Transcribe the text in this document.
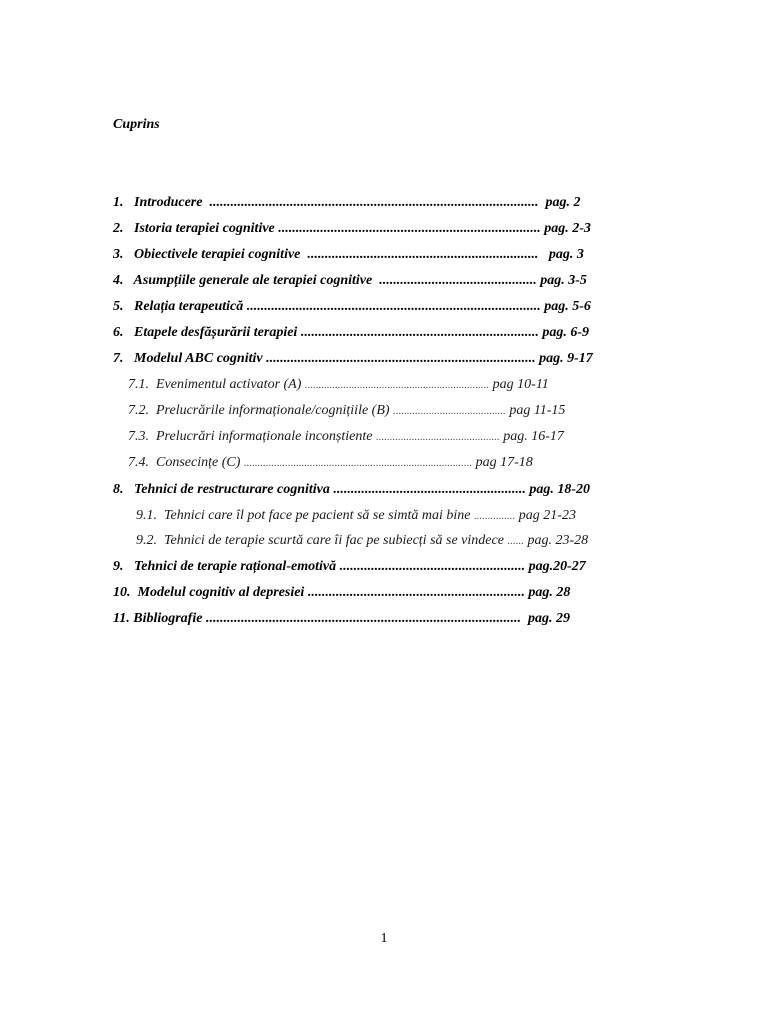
Cuprins
1.   Introducere  ..............................................................................................  pag. 2
2.   Istoria terapiei cognitive ........................................................................... pag. 2-3
3.   Obiectivele terapiei cognitive  ..................................................................   pag. 3
4.   Asumpțiile generale ale terapiei cognitive  ............................................. pag. 3-5
5.   Relația terapeutică .................................................................................... pag. 5-6
6.   Etapele desfășurării terapiei .................................................................... pag. 6-9
7.   Modelul ABC cognitiv ............................................................................. pag. 9-17
7.1.  Evenimentul activator (A) ................................................................... pag 10-11
7.2.  Prelucrările informaționale/cognițiile (B) ......................................... pag 11-15
7.3.  Prelucrări informaționale inconștiente ............................................. pag. 16-17
7.4.  Consecințe (C) ................................................................................... pag 17-18
8.   Tehnici de restructurare cognitiva ....................................................... pag. 18-20
9.1.  Tehnici care îl pot face pe pacient să se simtă mai bine ............... pag 21-23
9.2.  Tehnici de terapie scurtă care îi fac pe subiecți să se vindece ...... pag. 23-28
9.   Tehnici de terapie rațional-emotivă ..................................................... pag.20-27
10.  Modelul cognitiv al depresiei .............................................................. pag. 28
11. Bibliografie ..........................................................................................  pag. 29
1
